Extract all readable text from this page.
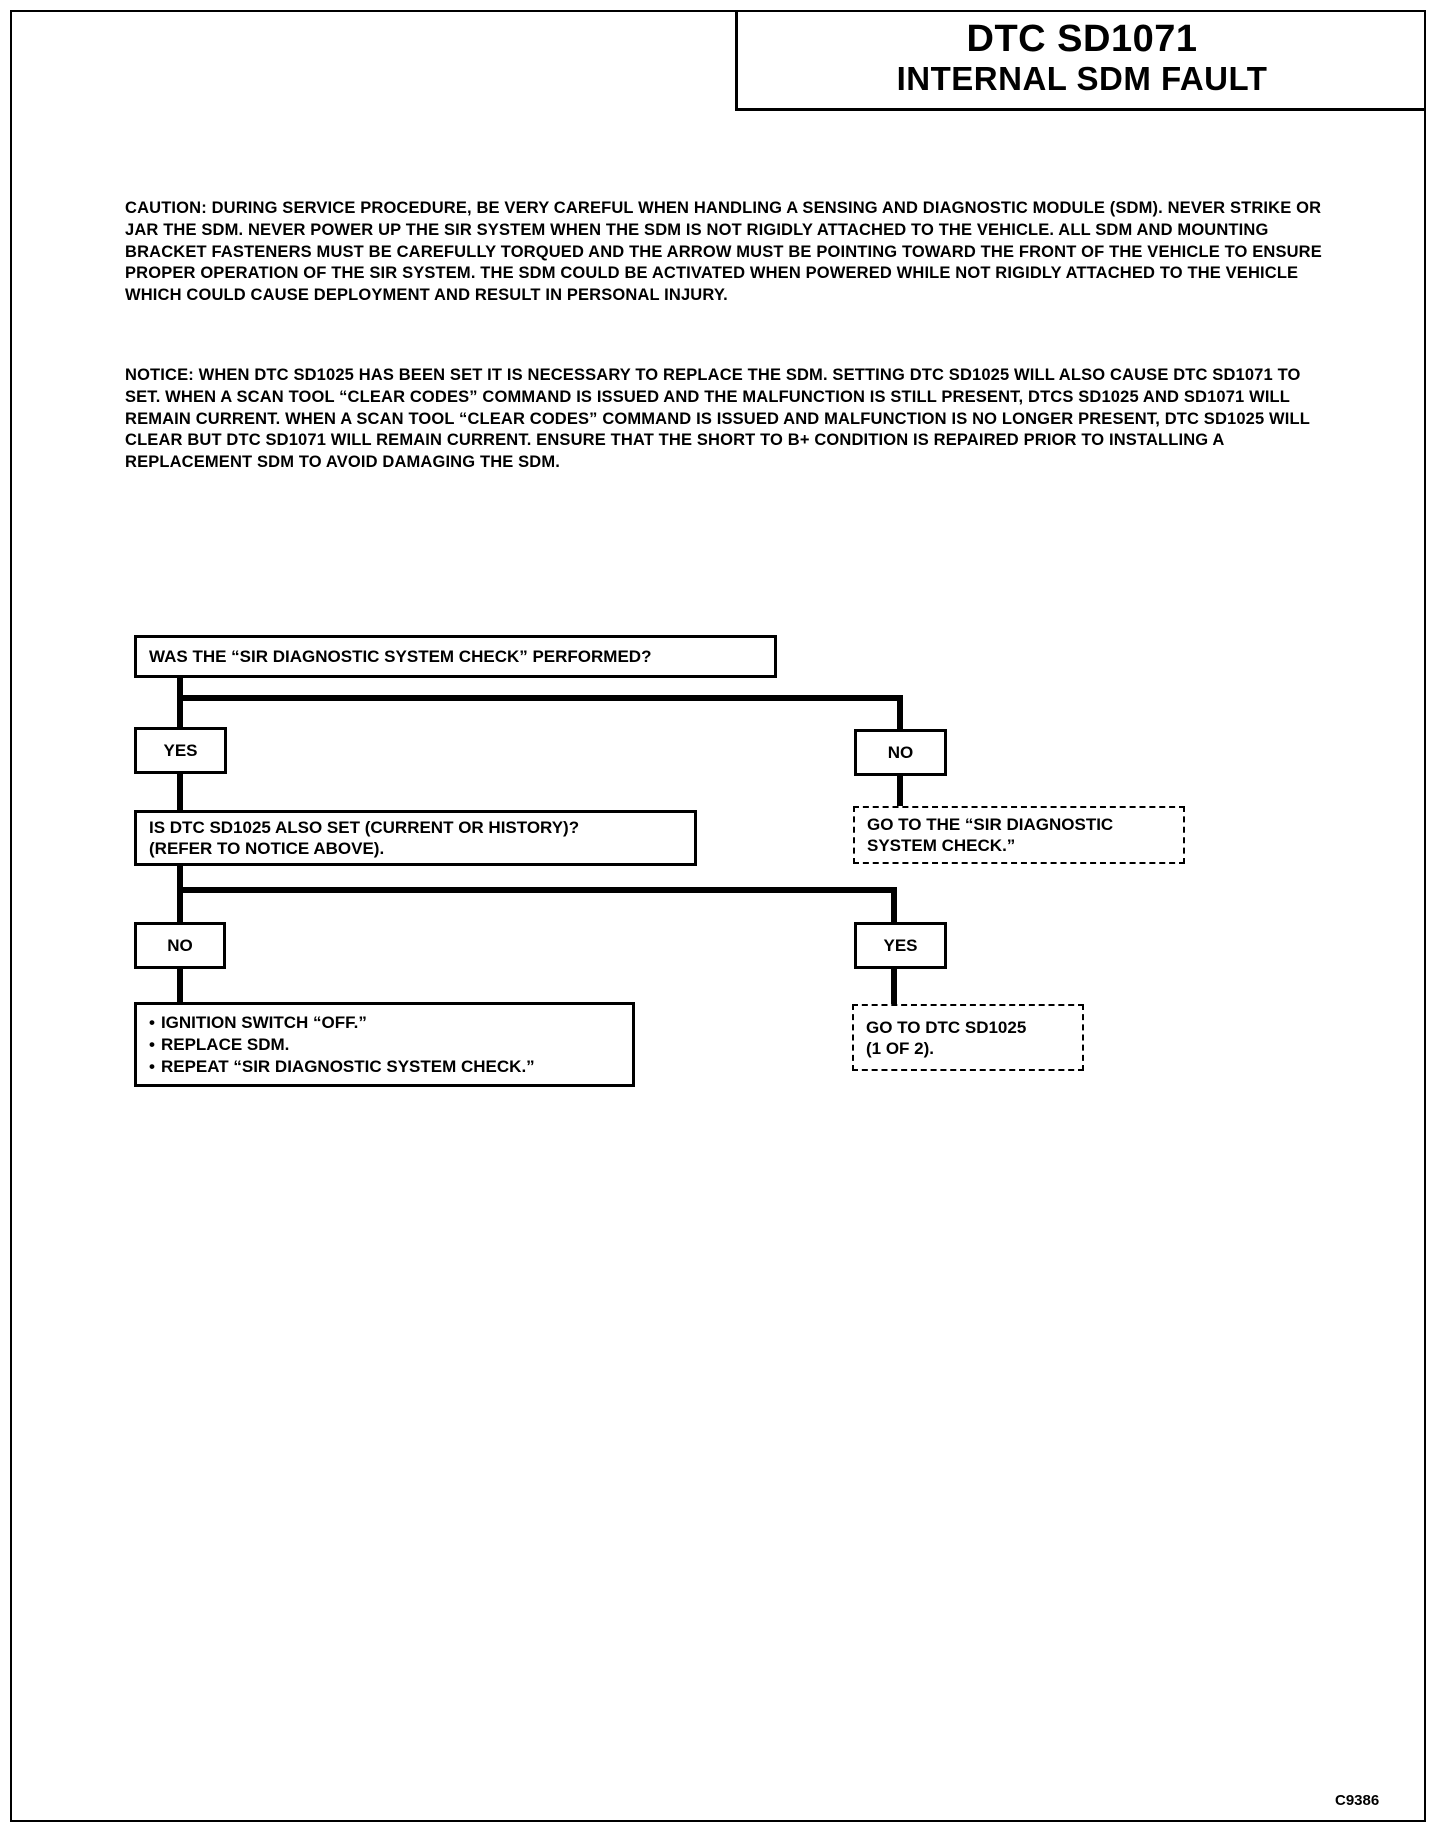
DTC SD1071
INTERNAL SDM FAULT
CAUTION: DURING SERVICE PROCEDURE, BE VERY CAREFUL WHEN HANDLING A SENSING AND DIAGNOSTIC MODULE (SDM). NEVER STRIKE OR JAR THE SDM. NEVER POWER UP THE SIR SYSTEM WHEN THE SDM IS NOT RIGIDLY ATTACHED TO THE VEHICLE. ALL SDM AND MOUNTING BRACKET FASTENERS MUST BE CAREFULLY TORQUED AND THE ARROW MUST BE POINTING TOWARD THE FRONT OF THE VEHICLE TO ENSURE PROPER OPERATION OF THE SIR SYSTEM. THE SDM COULD BE ACTIVATED WHEN POWERED WHILE NOT RIGIDLY ATTACHED TO THE VEHICLE WHICH COULD CAUSE DEPLOYMENT AND RESULT IN PERSONAL INJURY.
NOTICE: WHEN DTC SD1025 HAS BEEN SET IT IS NECESSARY TO REPLACE THE SDM. SETTING DTC SD1025 WILL ALSO CAUSE DTC SD1071 TO SET. WHEN A SCAN TOOL “CLEAR CODES” COMMAND IS ISSUED AND THE MALFUNCTION IS STILL PRESENT, DTCS SD1025 AND SD1071 WILL REMAIN CURRENT. WHEN A SCAN TOOL “CLEAR CODES” COMMAND IS ISSUED AND MALFUNCTION IS NO LONGER PRESENT, DTC SD1025 WILL CLEAR BUT DTC SD1071 WILL REMAIN CURRENT. ENSURE THAT THE SHORT TO B+ CONDITION IS REPAIRED PRIOR TO INSTALLING A REPLACEMENT SDM TO AVOID DAMAGING THE SDM.
WAS THE “SIR DIAGNOSTIC SYSTEM CHECK” PERFORMED?
YES	NO
IS DTC SD1025 ALSO SET (CURRENT OR HISTORY)?
(REFER TO NOTICE ABOVE).
GO TO THE “SIR DIAGNOSTIC
SYSTEM CHECK.”
NO	YES
• IGNITION SWITCH “OFF.”
• REPLACE SDM.
• REPEAT “SIR DIAGNOSTIC SYSTEM CHECK.”
GO TO DTC SD1025
(1 OF 2).
C9386
